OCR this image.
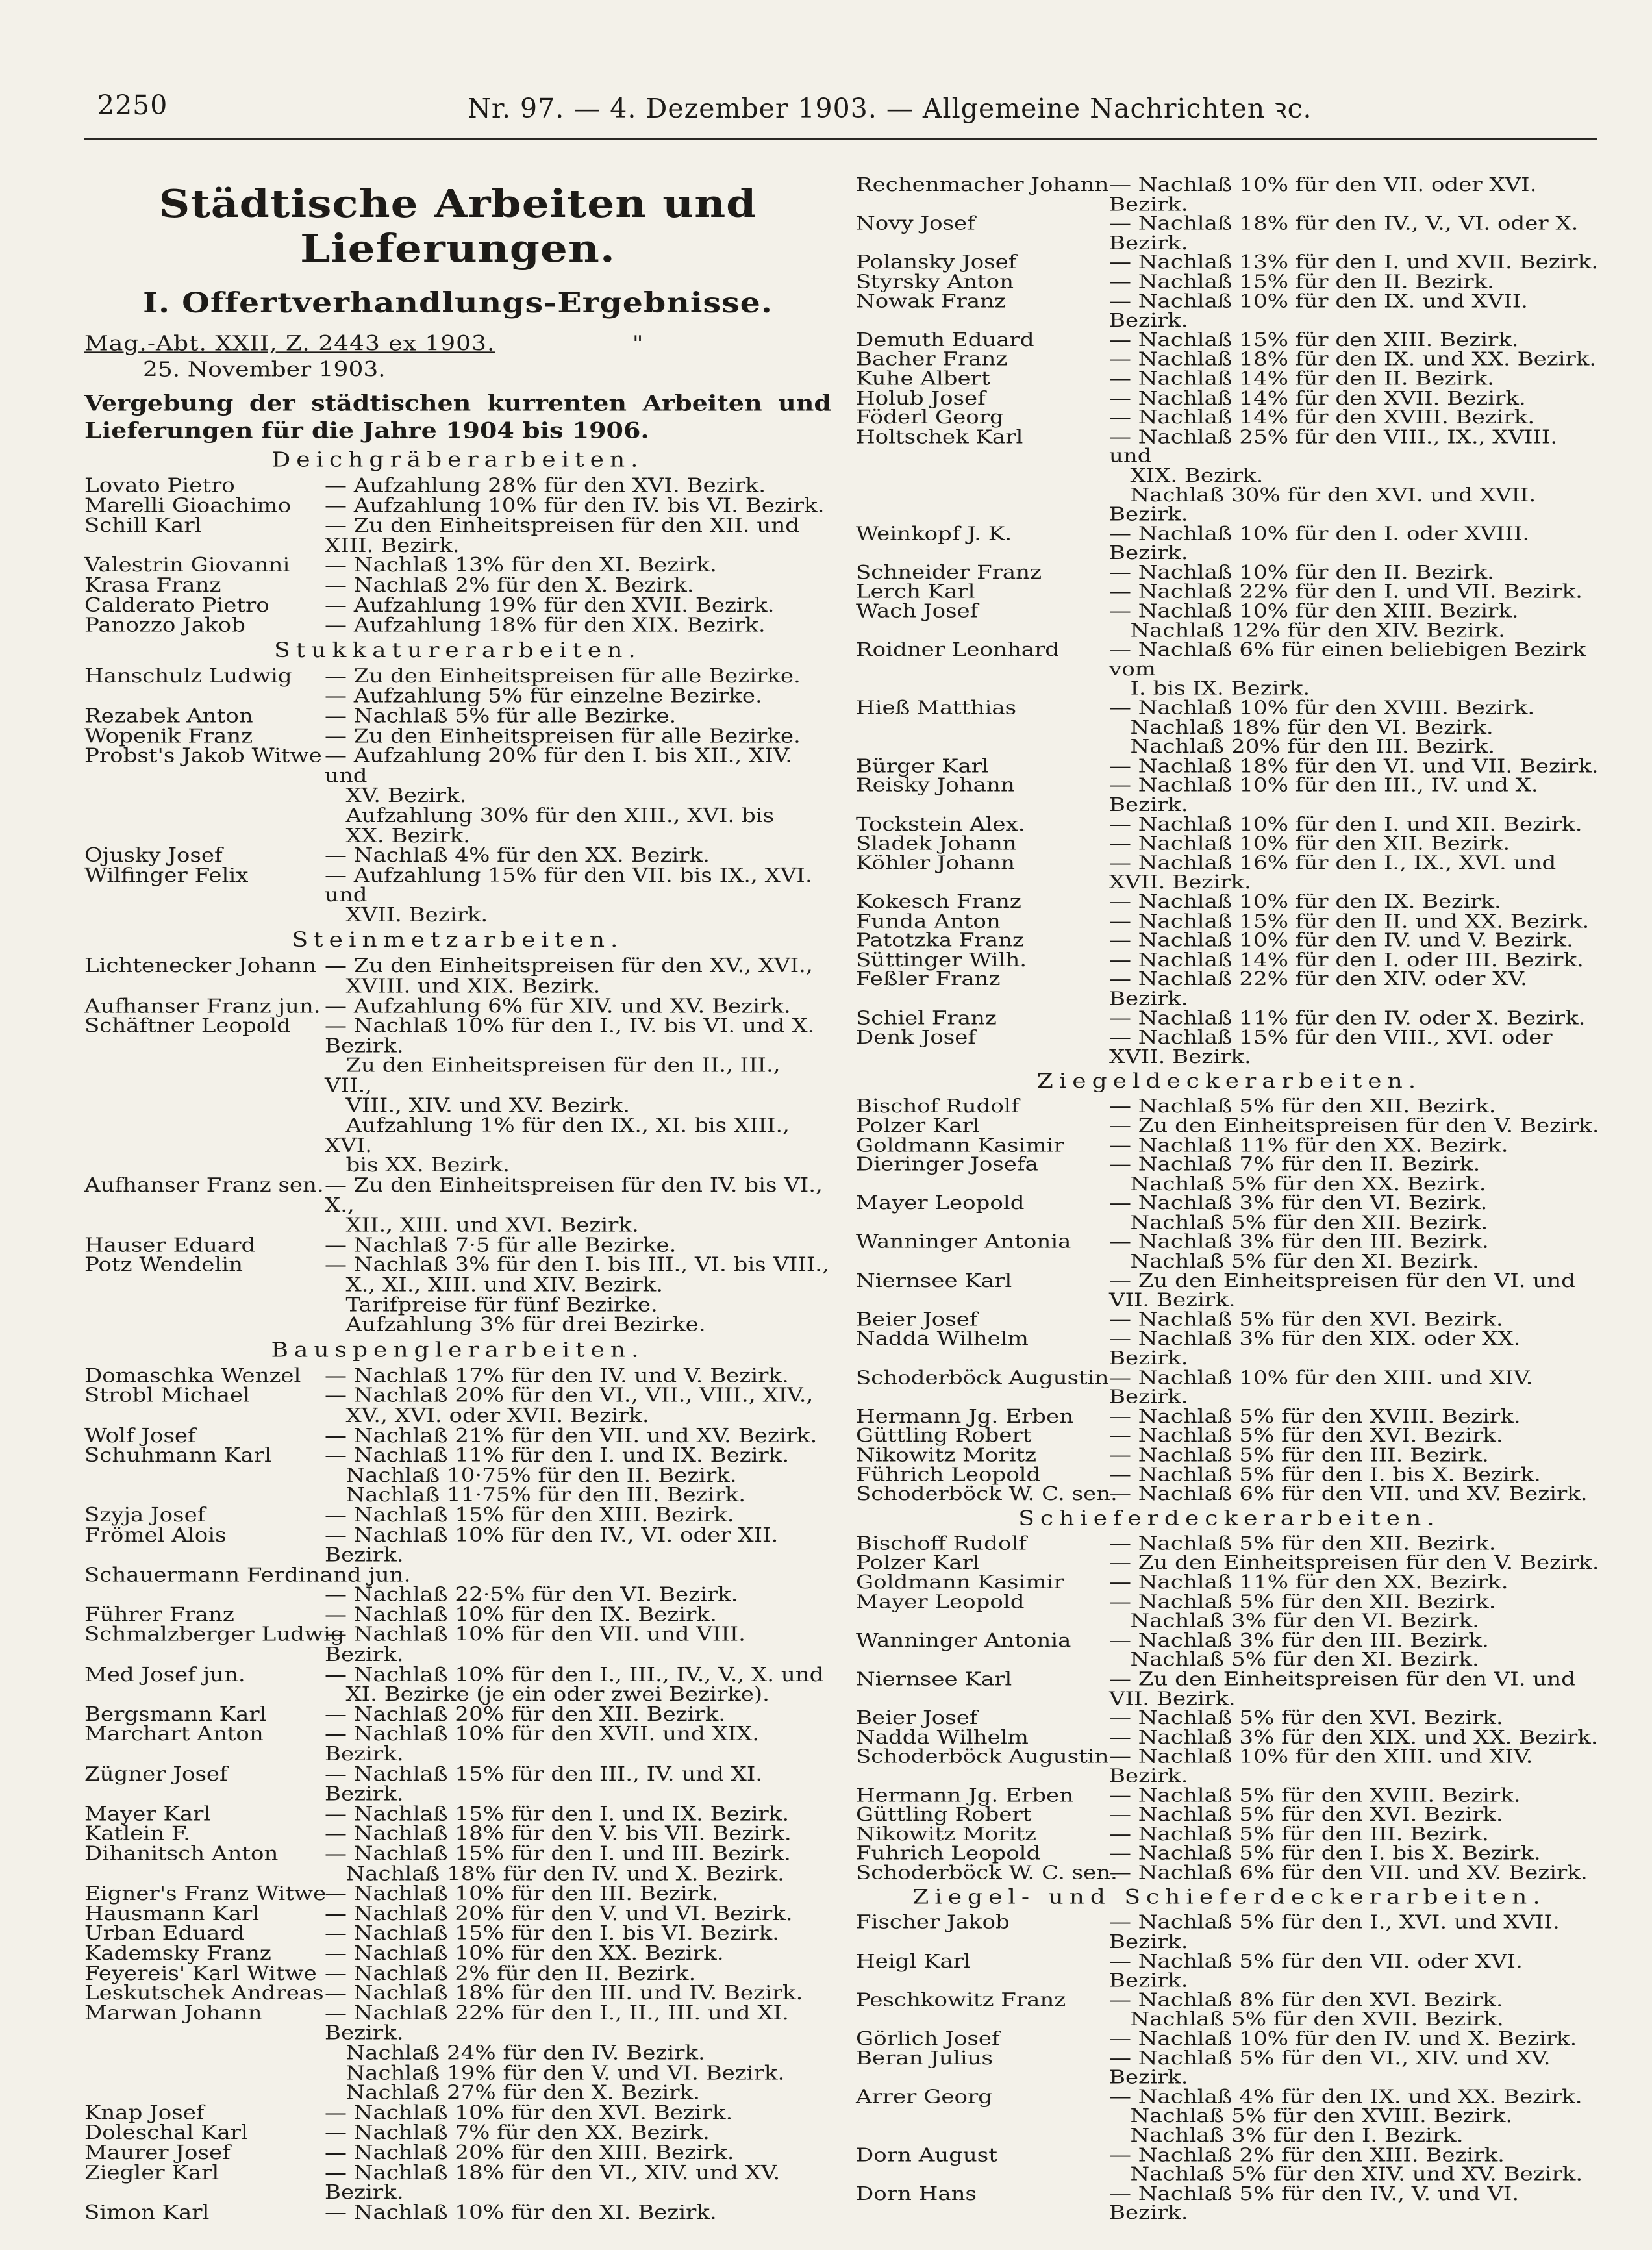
2250	Nr. 97. — 4. Dezember 1903. — Allgemeine Nachrichten ꝛc.
Städtische Arbeiten und Lieferungen.
I. Offertverhandlungs-Ergebnisse.
Mag.-Abt. XXII, Z. 2443 ex 1903.	"
25. November 1903.
Vergebung der städtischen kurrenten Arbeiten und Lieferungen für die Jahre 1904 bis 1906.
Deichgräberarbeiten.
Lovato Pietro	— Aufzahlung 28% für den XVI. Bezirk.
Marelli Gioachimo	— Aufzahlung 10% für den IV. bis VI. Bezirk.
Schill Karl	— Zu den Einheitspreisen für den XII. und XIII. Bezirk.
Valestrin Giovanni	— Nachlaß 13% für den XI. Bezirk.
Krasa Franz	— Nachlaß 2% für den X. Bezirk.
Calderato Pietro	— Aufzahlung 19% für den XVII. Bezirk.
Panozzo Jakob	— Aufzahlung 18% für den XIX. Bezirk.
Stukkaturerarbeiten.
Hanschulz Ludwig	— Zu den Einheitspreisen für alle Bezirke.
— Aufzahlung 5% für einzelne Bezirke.
Rezabek Anton	— Nachlaß 5% für alle Bezirke.
Wopenik Franz	— Zu den Einheitspreisen für alle Bezirke.
Probst's Jakob Witwe — Aufzahlung 20% für den I. bis XII., XIV. und
XV. Bezirk.
Aufzahlung 30% für den XIII., XVI. bis
XX. Bezirk.
Ojusky Josef	— Nachlaß 4% für den XX. Bezirk.
Wilfinger Felix	— Aufzahlung 15% für den VII. bis IX., XVI. und
XVII. Bezirk.
Steinmetzarbeiten.
Lichtenecker Johann — Zu den Einheitspreisen für den XV., XVI.,
XVIII. und XIX. Bezirk.
Aufhanser Franz jun. — Aufzahlung 6% für XIV. und XV. Bezirk.
Schäftner Leopold	— Nachlaß 10% für den I., IV. bis VI. und X. Bezirk.
Zu den Einheitspreisen für den II., III., VII.,
VIII., XIV. und XV. Bezirk.
Aufzahlung 1% für den IX., XI. bis XIII., XVI.
bis XX. Bezirk.
Aufhanser Franz sen. — Zu den Einheitspreisen für den IV. bis VI., X.,
XII., XIII. und XVI. Bezirk.
Hauser Eduard	— Nachlaß 7·5 für alle Bezirke.
Potz Wendelin	— Nachlaß 3% für den I. bis III., VI. bis VIII.,
X., XI., XIII. und XIV. Bezirk.
Tarifpreise für fünf Bezirke.
Aufzahlung 3% für drei Bezirke.
Bauspenglerarbeiten.
Domaschka Wenzel	— Nachlaß 17% für den IV. und V. Bezirk.
Strobl Michael	— Nachlaß 20% für den VI., VII., VIII., XIV.,
XV., XVI. oder XVII. Bezirk.
Wolf Josef	— Nachlaß 21% für den VII. und XV. Bezirk.
Schuhmann Karl	— Nachlaß 11% für den I. und IX. Bezirk.
Nachlaß 10·75% für den II. Bezirk.
Nachlaß 11·75% für den III. Bezirk.
Szyja Josef	— Nachlaß 15% für den XIII. Bezirk.
Frömel Alois	— Nachlaß 10% für den IV., VI. oder XII. Bezirk.
Schauermann Ferdinand jun.
— Nachlaß 22·5% für den VI. Bezirk.
Führer Franz	— Nachlaß 10% für den IX. Bezirk.
Schmalzberger Ludwig
— Nachlaß 10% für den VII. und VIII. Bezirk.
Med Josef jun.	— Nachlaß 10% für den I., III., IV., V., X. und
XI. Bezirke (je ein oder zwei Bezirke).
Bergsmann Karl	— Nachlaß 20% für den XII. Bezirk.
Marchart Anton	— Nachlaß 10% für den XVII. und XIX. Bezirk.
Zügner Josef	— Nachlaß 15% für den III., IV. und XI. Bezirk.
Mayer Karl	— Nachlaß 15% für den I. und IX. Bezirk.
Katlein F.	— Nachlaß 18% für den V. bis VII. Bezirk.
Dihanitsch Anton	— Nachlaß 15% für den I. und III. Bezirk.
Nachlaß 18% für den IV. und X. Bezirk.
Eigner's Franz Witwe
— Nachlaß 10% für den III. Bezirk.
Hausmann Karl	— Nachlaß 20% für den V. und VI. Bezirk.
Urban Eduard	— Nachlaß 15% für den I. bis VI. Bezirk.
Kademsky Franz	— Nachlaß 10% für den XX. Bezirk.
Feyereis' Karl Witwe — Nachlaß 2% für den II. Bezirk.
Leskutschek Andreas — Nachlaß 18% für den III. und IV. Bezirk.
Marwan Johann	— Nachlaß 22% für den I., II., III. und XI. Bezirk.
Nachlaß 24% für den IV. Bezirk.
Nachlaß 19% für den V. und VI. Bezirk.
Nachlaß 27% für den X. Bezirk.
Knap Josef	— Nachlaß 10% für den XVI. Bezirk.
Doleschal Karl	— Nachlaß 7% für den XX. Bezirk.
Maurer Josef	— Nachlaß 20% für den XIII. Bezirk.
Ziegler Karl	— Nachlaß 18% für den VI., XIV. und XV. Bezirk.
Simon Karl	— Nachlaß 10% für den XI. Bezirk.
Rechenmacher Johann — Nachlaß 10% für den VII. oder XVI. Bezirk.
Novy Josef	— Nachlaß 18% für den IV., V., VI. oder X. Bezirk.
Polansky Josef	— Nachlaß 13% für den I. und XVII. Bezirk.
Styrsky Anton	— Nachlaß 15% für den II. Bezirk.
Nowak Franz	— Nachlaß 10% für den IX. und XVII. Bezirk.
Demuth Eduard	— Nachlaß 15% für den XIII. Bezirk.
Bacher Franz	— Nachlaß 18% für den IX. und XX. Bezirk.
Kuhe Albert	— Nachlaß 14% für den II. Bezirk.
Holub Josef	— Nachlaß 14% für den XVII. Bezirk.
Föderl Georg	— Nachlaß 14% für den XVIII. Bezirk.
Holtschek Karl	— Nachlaß 25% für den VIII., IX., XVIII. und
XIX. Bezirk.
Nachlaß 30% für den XVI. und XVII. Bezirk.
Weinkopf J. K.	— Nachlaß 10% für den I. oder XVIII. Bezirk.
Schneider Franz	— Nachlaß 10% für den II. Bezirk.
Lerch Karl	— Nachlaß 22% für den I. und VII. Bezirk.
Wach Josef	— Nachlaß 10% für den XIII. Bezirk.
Nachlaß 12% für den XIV. Bezirk.
Roidner Leonhard	— Nachlaß 6% für einen beliebigen Bezirk vom
I. bis IX. Bezirk.
Hieß Matthias	— Nachlaß 10% für den XVIII. Bezirk.
Nachlaß 18% für den VI. Bezirk.
Nachlaß 20% für den III. Bezirk.
Bürger Karl	— Nachlaß 18% für den VI. und VII. Bezirk.
Reisky Johann	— Nachlaß 10% für den III., IV. und X. Bezirk.
Tockstein Alex.	— Nachlaß 10% für den I. und XII. Bezirk.
Sladek Johann	— Nachlaß 10% für den XII. Bezirk.
Köhler Johann	— Nachlaß 16% für den I., IX., XVI. und XVII. Bezirk.
Kokesch Franz	— Nachlaß 10% für den IX. Bezirk.
Funda Anton	— Nachlaß 15% für den II. und XX. Bezirk.
Patotzka Franz	— Nachlaß 10% für den IV. und V. Bezirk.
Süttinger Wilh.	— Nachlaß 14% für den I. oder III. Bezirk.
Feßler Franz	— Nachlaß 22% für den XIV. oder XV. Bezirk.
Schiel Franz	— Nachlaß 11% für den IV. oder X. Bezirk.
Denk Josef	— Nachlaß 15% für den VIII., XVI. oder XVII. Bezirk.
Ziegeldeckerarbeiten.
Bischof Rudolf	— Nachlaß 5% für den XII. Bezirk.
Polzer Karl	— Zu den Einheitspreisen für den V. Bezirk.
Goldmann Kasimir	— Nachlaß 11% für den XX. Bezirk.
Dieringer Josefa	— Nachlaß 7% für den II. Bezirk.
Nachlaß 5% für den XX. Bezirk.
Mayer Leopold	— Nachlaß 3% für den VI. Bezirk.
Nachlaß 5% für den XII. Bezirk.
Wanninger Antonia	— Nachlaß 3% für den III. Bezirk.
Nachlaß 5% für den XI. Bezirk.
Niernsee Karl	— Zu den Einheitspreisen für den VI. und VII. Bezirk.
Beier Josef	— Nachlaß 5% für den XVI. Bezirk.
Nadda Wilhelm	— Nachlaß 3% für den XIX. oder XX. Bezirk.
Schoderböck Augustin — Nachlaß 10% für den XIII. und XIV. Bezirk.
Hermann Jg. Erben	— Nachlaß 5% für den XVIII. Bezirk.
Güttling Robert	— Nachlaß 5% für den XVI. Bezirk.
Nikowitz Moritz	— Nachlaß 5% für den III. Bezirk.
Führich Leopold	— Nachlaß 5% für den I. bis X. Bezirk.
Schoderböck W. C. sen.
— Nachlaß 6% für den VII. und XV. Bezirk.
Schieferdeckerarbeiten.
Bischoff Rudolf	— Nachlaß 5% für den XII. Bezirk.
Polzer Karl	— Zu den Einheitspreisen für den V. Bezirk.
Goldmann Kasimir	— Nachlaß 11% für den XX. Bezirk.
Mayer Leopold	— Nachlaß 5% für den XII. Bezirk.
Nachlaß 3% für den VI. Bezirk.
Wanninger Antonia	— Nachlaß 3% für den III. Bezirk.
Nachlaß 5% für den XI. Bezirk.
Niernsee Karl	— Zu den Einheitspreisen für den VI. und VII. Bezirk.
Beier Josef	— Nachlaß 5% für den XVI. Bezirk.
Nadda Wilhelm	— Nachlaß 3% für den XIX. und XX. Bezirk.
Schoderböck Augustin — Nachlaß 10% für den XIII. und XIV. Bezirk.
Hermann Jg. Erben	— Nachlaß 5% für den XVIII. Bezirk.
Güttling Robert	— Nachlaß 5% für den XVI. Bezirk.
Nikowitz Moritz	— Nachlaß 5% für den III. Bezirk.
Fuhrich Leopold	— Nachlaß 5% für den I. bis X. Bezirk.
Schoderböck W. C. sen.
— Nachlaß 6% für den VII. und XV. Bezirk.
Ziegel- und Schieferdeckerarbeiten.
Fischer Jakob	— Nachlaß 5% für den I., XVI. und XVII. Bezirk.
Heigl Karl	— Nachlaß 5% für den VII. oder XVI. Bezirk.
Peschkowitz Franz	— Nachlaß 8% für den XVI. Bezirk.
Nachlaß 5% für den XVII. Bezirk.
Görlich Josef	— Nachlaß 10% für den IV. und X. Bezirk.
Beran Julius	— Nachlaß 5% für den VI., XIV. und XV. Bezirk.
Arrer Georg	— Nachlaß 4% für den IX. und XX. Bezirk.
Nachlaß 5% für den XVIII. Bezirk.
Nachlaß 3% für den I. Bezirk.
Dorn August	— Nachlaß 2% für den XIII. Bezirk.
Nachlaß 5% für den XIV. und XV. Bezirk.
Dorn Hans	— Nachlaß 5% für den IV., V. und VI. Bezirk.
